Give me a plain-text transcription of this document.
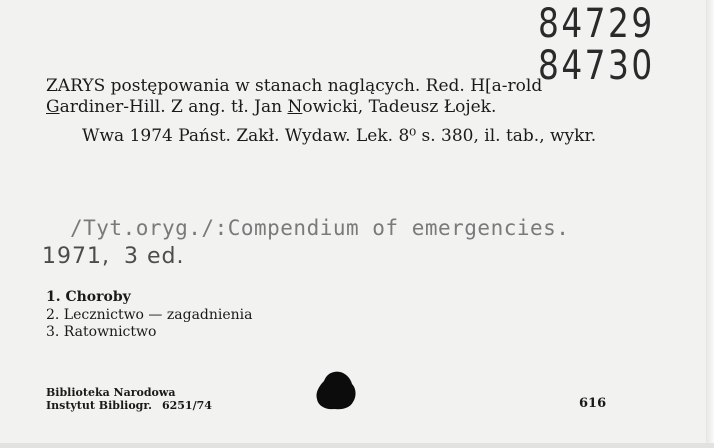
84729
84730

ZARYS postępowania w stanach naglących. Red. H[a-rold Gardiner-Hill. Z ang. tł. Jan Nowicki, Tadeusz Łojek.

Wwa 1974 Państ. Zakł. Wydaw. Lek. 8⁰ s. 380, il. tab., wykr.

/Tyt.oryg./:Compendium of emergencies.
1971, 3 ed.
1. Choroby
2. Lecznictwo — zagadnienia
3. Ratownictwo
Biblioteka Narodowa
Instytut Bibliogr. 6251/74	616
